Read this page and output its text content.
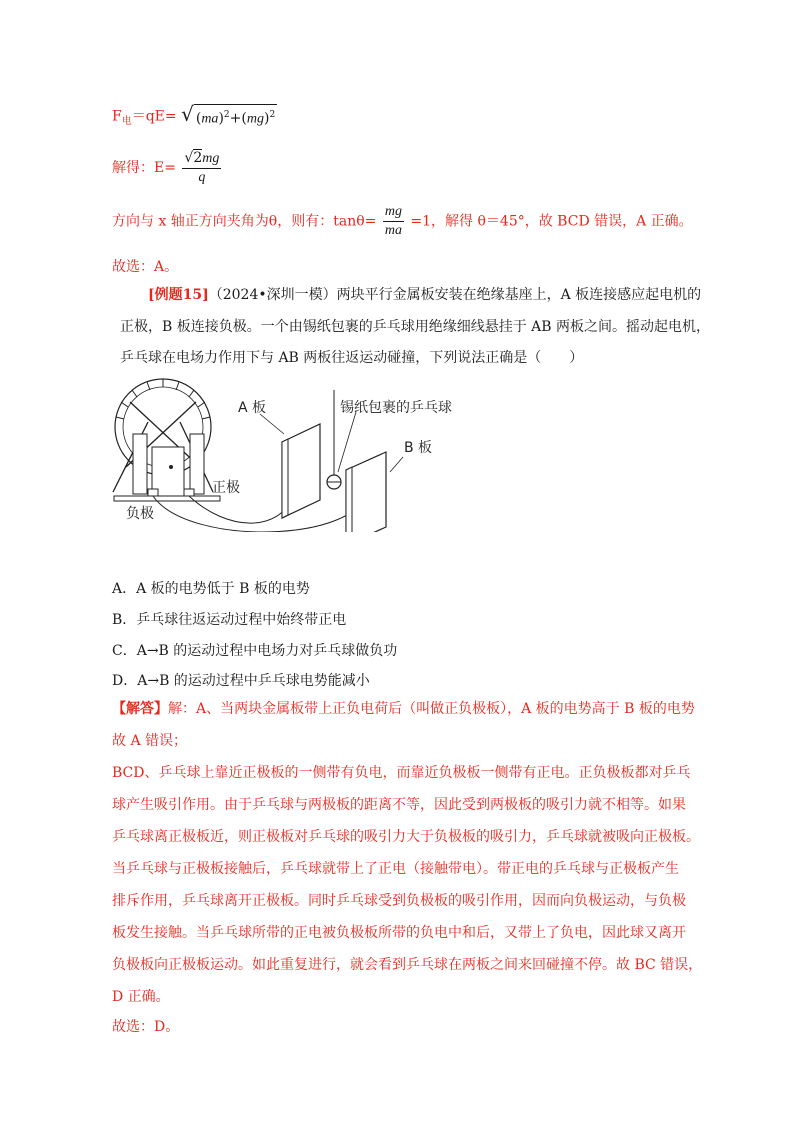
$F_电=qE=$ √ (ma)$^2$+(mg)$^2$
解得：$E= \frac{√2mg}{q}$
方向与 x 轴正方向夹角为θ，则有：$\tan\theta= \frac{mg}{ma} =1$，解得 θ＝45°，故 BCD 错误，A 正确。
故选：A。
[例题15]（2024•深圳一模）两块平行金属板安装在绝缘基座上，A 板连接感应起电机的
正极，B 板连接负极。一个由锡纸包裹的乒乓球用绝缘细线悬挂于 AB 两板之间。摇动起电机，
乒乓球在电场力作用下与 AB 两板往返运动碰撞，下列说法正确是（　　）
A 板	锡纸包裹的乒乓球
B 板
正极
负极
A．A 板的电势低于 B 板的电势
B．乒乓球往返运动过程中始终带正电
C．A→B 的运动过程中电场力对乒乓球做负功
D．A→B 的运动过程中乒乓球电势能减小
【解答】解：A、当两块金属板带上正负电荷后（叫做正负极板），A 板的电势高于 B 板的电势
故 A 错误；
BCD、乒乓球上靠近正极板的一侧带有负电，而靠近负极板一侧带有正电。正负极板都对乒乓
球产生吸引作用。由于乒乓球与两极板的距离不等，因此受到两极板的吸引力就不相等。如果
乒乓球离正极板近，则正极板对乒乓球的吸引力大于负极板的吸引力，乒乓球就被吸向正极板。
当乒乓球与正极板接触后，乒乓球就带上了正电（接触带电）。带正电的乒乓球与正极板产生
排斥作用，乒乓球离开正极板。同时乒乓球受到负极板的吸引作用，因而向负极运动，与负极
板发生接触。当乒乓球所带的正电被负极板所带的负电中和后，又带上了负电，因此球又离开
负极板向正极板运动。如此重复进行，就会看到乒乓球在两板之间来回碰撞不停。故 BC 错误，
D 正确。
故选：D。
